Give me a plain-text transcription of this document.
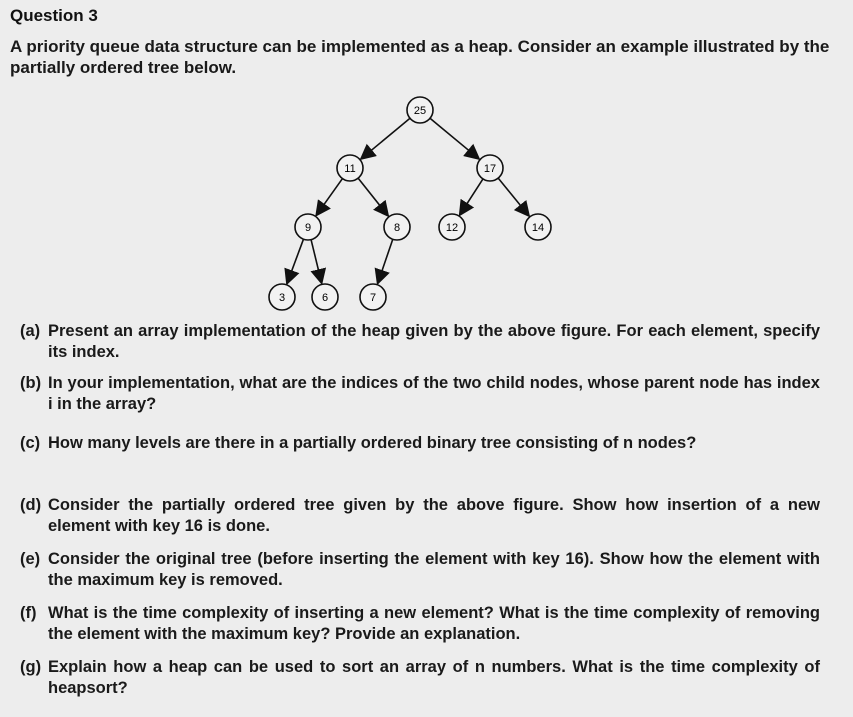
Question 3
A priority queue data structure can be implemented as a heap. Consider an example illustrated by the partially ordered tree below.
25
11	17
9	8	12	14
3	6	7
(a) Present an array implementation of the heap given by the above figure. For each element, specify its index.
(b) In your implementation, what are the indices of the two child nodes, whose parent node has index i in the array?
(c) How many levels are there in a partially ordered binary tree consisting of n nodes?
(d) Consider the partially ordered tree given by the above figure. Show how insertion of a new element with key 16 is done.
(e) Consider the original tree (before inserting the element with key 16). Show how the element with the maximum key is removed.
(f) What is the time complexity of inserting a new element? What is the time complexity of removing the element with the maximum key? Provide an explanation.
(g) Explain how a heap can be used to sort an array of n numbers. What is the time complexity of heapsort?
